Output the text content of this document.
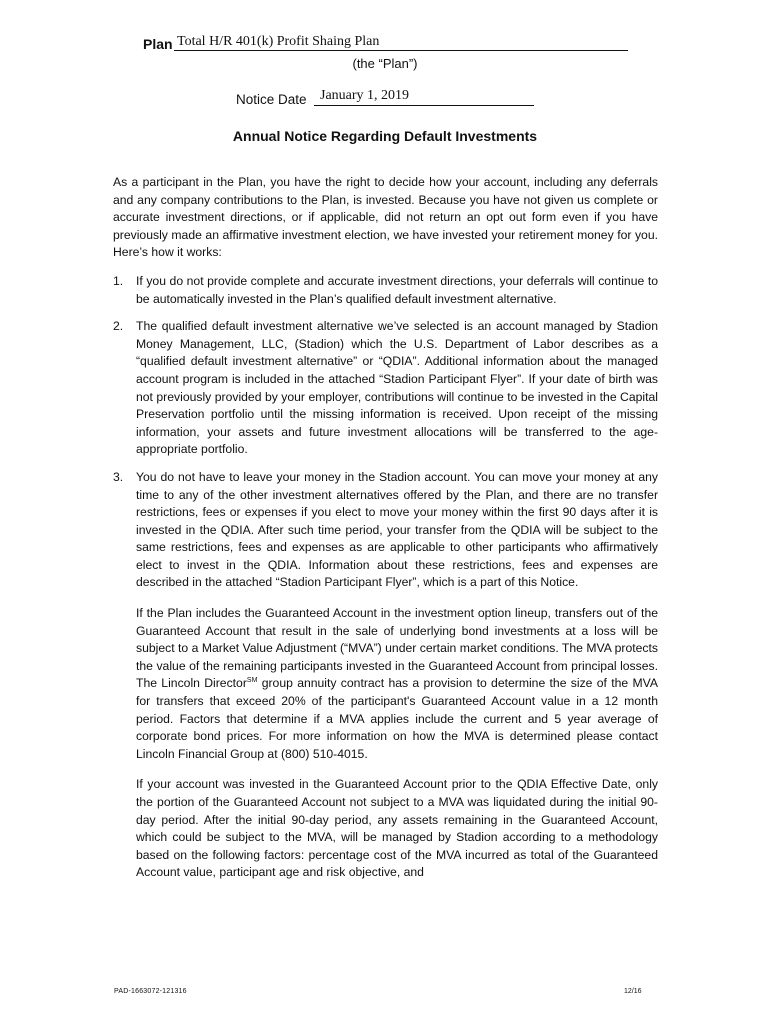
Plan Total H/R 401(k) Profit Shaing Plan
(the “Plan”)
Notice Date January 1, 2019
Annual Notice Regarding Default Investments

As a participant in the Plan, you have the right to decide how your account, including any deferrals and any company contributions to the Plan, is invested. Because you have not given us complete or accurate investment directions, or if applicable, did not return an opt out form even if you have previously made an affirmative investment election, we have invested your retirement money for you. Here’s how it works:

1. If you do not provide complete and accurate investment directions, your deferrals will continue to be automatically invested in the Plan’s qualified default investment alternative.

2. The qualified default investment alternative we’ve selected is an account managed by Stadion Money Management, LLC, (Stadion) which the U.S. Department of Labor describes as a “qualified default investment alternative” or “QDIA”. Additional information about the managed account program is included in the attached “Stadion Participant Flyer”. If your date of birth was not previously provided by your employer, contributions will continue to be invested in the Capital Preservation portfolio until the missing information is received. Upon receipt of the missing information, your assets and future investment allocations will be transferred to the age-appropriate portfolio.

3. You do not have to leave your money in the Stadion account. You can move your money at any time to any of the other investment alternatives offered by the Plan, and there are no transfer restrictions, fees or expenses if you elect to move your money within the first 90 days after it is invested in the QDIA. After such time period, your transfer from the QDIA will be subject to the same restrictions, fees and expenses as are applicable to other participants who affirmatively elect to invest in the QDIA. Information about these restrictions, fees and expenses are described in the attached “Stadion Participant Flyer”, which is a part of this Notice.

If the Plan includes the Guaranteed Account in the investment option lineup, transfers out of the Guaranteed Account that result in the sale of underlying bond investments at a loss will be subject to a Market Value Adjustment (“MVA”) under certain market conditions. The MVA protects the value of the remaining participants invested in the Guaranteed Account from principal losses. The Lincoln Director℠ group annuity contract has a provision to determine the size of the MVA for transfers that exceed 20% of the participant's Guaranteed Account value in a 12 month period. Factors that determine if a MVA applies include the current and 5 year average of corporate bond prices. For more information on how the MVA is determined please contact Lincoln Financial Group at (800) 510-4015.

If your account was invested in the Guaranteed Account prior to the QDIA Effective Date, only the portion of the Guaranteed Account not subject to a MVA was liquidated during the initial 90-day period. After the initial 90-day period, any assets remaining in the Guaranteed Account, which could be subject to the MVA, will be managed by Stadion according to a methodology based on the following factors: percentage cost of the MVA incurred as total of the Guaranteed Account value, participant age and risk objective, and

PAD-1663072-121316	12/16
